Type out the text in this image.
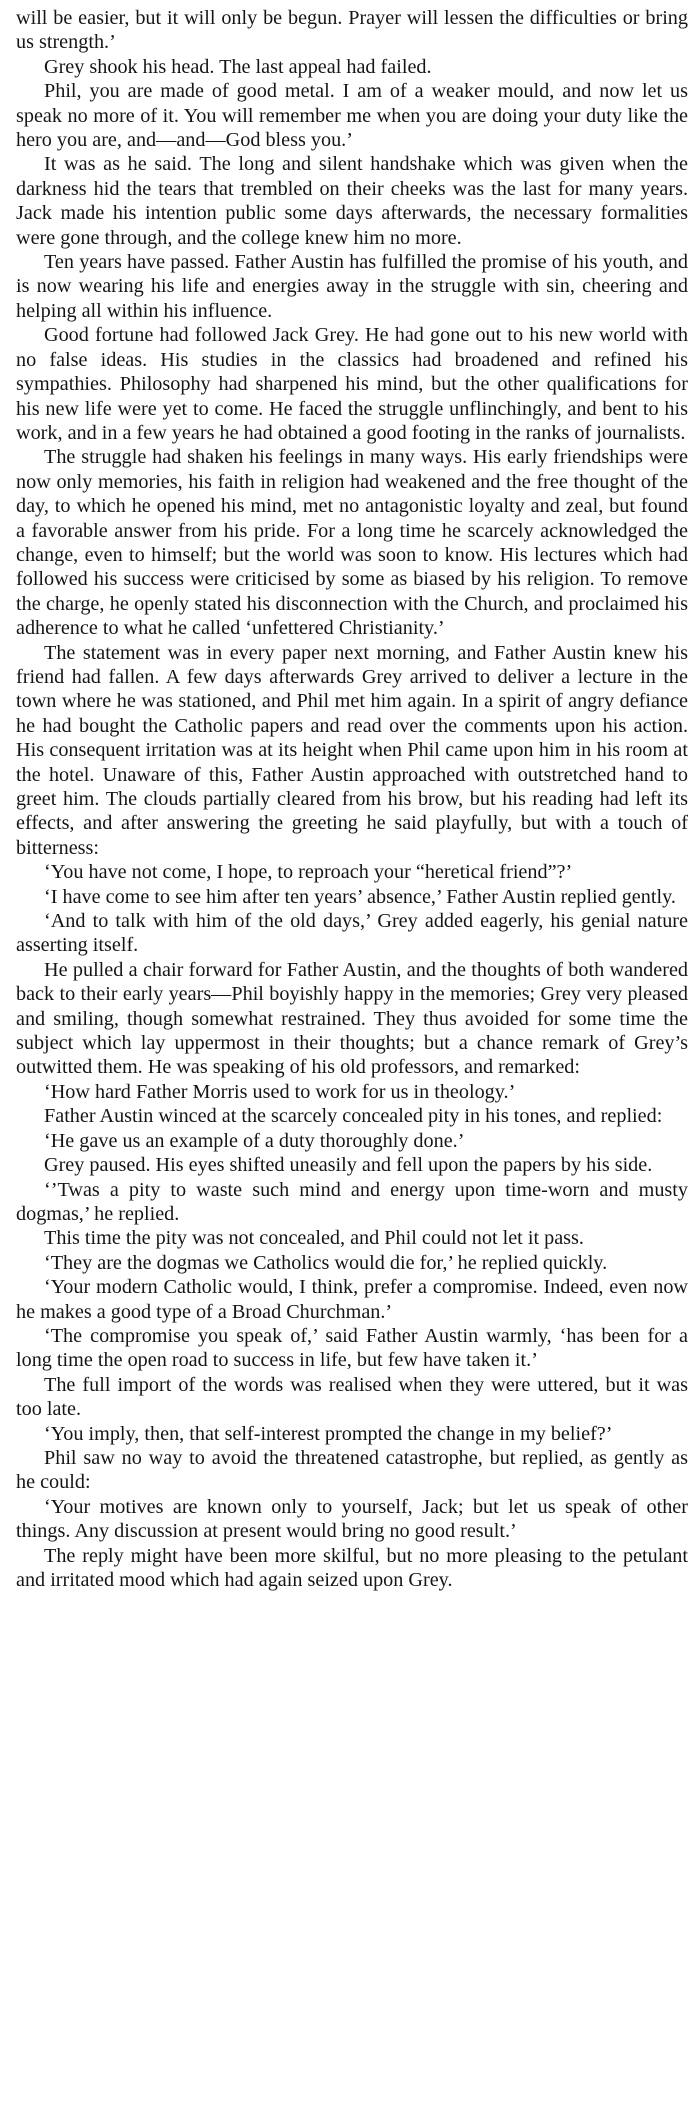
will be easier, but it will only be begun. Prayer will lessen the difficulties or bring us strength.’

Grey shook his head. The last appeal had failed.

Phil, you are made of good metal. I am of a weaker mould, and now let us speak no more of it. You will remember me when you are doing your duty like the hero you are, and—and—God bless you.’

It was as he said. The long and silent handshake which was given when the darkness hid the tears that trembled on their cheeks was the last for many years. Jack made his intention public some days afterwards, the necessary formalities were gone through, and the college knew him no more.

Ten years have passed. Father Austin has fulfilled the promise of his youth, and is now wearing his life and energies away in the struggle with sin, cheering and helping all within his influence.

Good fortune had followed Jack Grey. He had gone out to his new world with no false ideas. His studies in the classics had broadened and refined his sympathies. Philosophy had sharpened his mind, but the other qualifications for his new life were yet to come. He faced the struggle unflinchingly, and bent to his work, and in a few years he had obtained a good footing in the ranks of journalists.

The struggle had shaken his feelings in many ways. His early friendships were now only memories, his faith in religion had weakened and the free thought of the day, to which he opened his mind, met no antagonistic loyalty and zeal, but found a favorable answer from his pride. For a long time he scarcely acknowledged the change, even to himself; but the world was soon to know. His lectures which had followed his success were criticised by some as biased by his religion. To remove the charge, he openly stated his disconnection with the Church, and proclaimed his adherence to what he called ‘unfettered Christianity.’

The statement was in every paper next morning, and Father Austin knew his friend had fallen. A few days afterwards Grey arrived to deliver a lecture in the town where he was stationed, and Phil met him again. In a spirit of angry defiance he had bought the Catholic papers and read over the comments upon his action. His consequent irritation was at its height when Phil came upon him in his room at the hotel. Unaware of this, Father Austin approached with outstretched hand to greet him. The clouds partially cleared from his brow, but his reading had left its effects, and after answering the greeting he said playfully, but with a touch of bitterness:

‘You have not come, I hope, to reproach your “heretical friend”?’

‘I have come to see him after ten years’ absence,’ Father Austin replied gently.

‘And to talk with him of the old days,’ Grey added eagerly, his genial nature asserting itself.

He pulled a chair forward for Father Austin, and the thoughts of both wandered back to their early years—Phil boyishly happy in the memories; Grey very pleased and smiling, though somewhat restrained. They thus avoided for some time the subject which lay uppermost in their thoughts; but a chance remark of Grey’s outwitted them. He was speaking of his old professors, and remarked:

‘How hard Father Morris used to work for us in theology.’

Father Austin winced at the scarcely concealed pity in his tones, and replied:

‘He gave us an example of a duty thoroughly done.’

Grey paused. His eyes shifted uneasily and fell upon the papers by his side.

‘’Twas a pity to waste such mind and energy upon time-worn and musty dogmas,’ he replied.

This time the pity was not concealed, and Phil could not let it pass.

‘They are the dogmas we Catholics would die for,’ he replied quickly.

‘Your modern Catholic would, I think, prefer a compromise. Indeed, even now he makes a good type of a Broad Churchman.’

‘The compromise you speak of,’ said Father Austin warmly, ‘has been for a long time the open road to success in life, but few have taken it.’

The full import of the words was realised when they were uttered, but it was too late.

‘You imply, then, that self-interest prompted the change in my belief?’

Phil saw no way to avoid the threatened catastrophe, but replied, as gently as he could:

‘Your motives are known only to yourself, Jack; but let us speak of other things. Any discussion at present would bring no good result.’

The reply might have been more skilful, but no more pleasing to the petulant and irritated mood which had again seized upon Grey.
